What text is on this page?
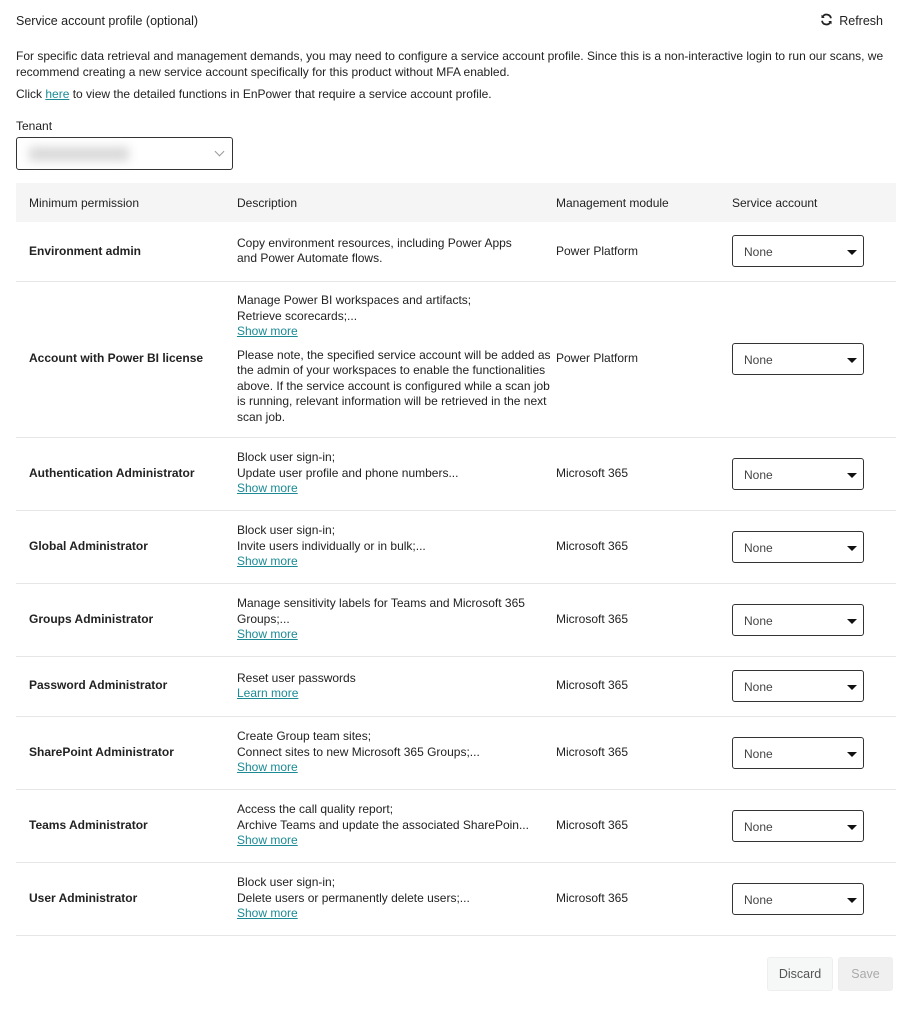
Service account profile (optional)	Refresh
For specific data retrieval and management demands, you may need to configure a service account profile. Since this is a non-interactive login to run our scans, we recommend creating a new service account specifically for this product without MFA enabled.
Click here to view the detailed functions in EnPower that require a service account profile.
Tenant
Minimum permission	Description	Management module	Service account
Environment admin	Copy environment resources, including Power Apps
and Power Automate flows.	Power Platform	None

Account with Power BI license	Manage Power BI workspaces and artifacts;
Retrieve scorecards;...
Show more
Please note, the specified service account will be added as the admin of your workspaces to enable the functionalities above. If the service account is configured while a scan job is running, relevant information will be retrieved in the next scan job.	Power Platform	None

Authentication Administrator	Block user sign-in;
Update user profile and phone numbers...
Show more	Microsoft 365	None

Global Administrator	Block user sign-in;
Invite users individually or in bulk;...
Show more	Microsoft 365	None

Groups Administrator	Manage sensitivity labels for Teams and Microsoft 365
Groups;...
Show more	Microsoft 365	None

Password Administrator	Reset user passwords
Learn more	Microsoft 365	None

SharePoint Administrator	Create Group team sites;
Connect sites to new Microsoft 365 Groups;...
Show more	Microsoft 365	None

Teams Administrator	Access the call quality report;
Archive Teams and update the associated SharePoin...
Show more	Microsoft 365	None

User Administrator	Block user sign-in;
Delete users or permanently delete users;...
Show more	Microsoft 365	None
Discard	Save
